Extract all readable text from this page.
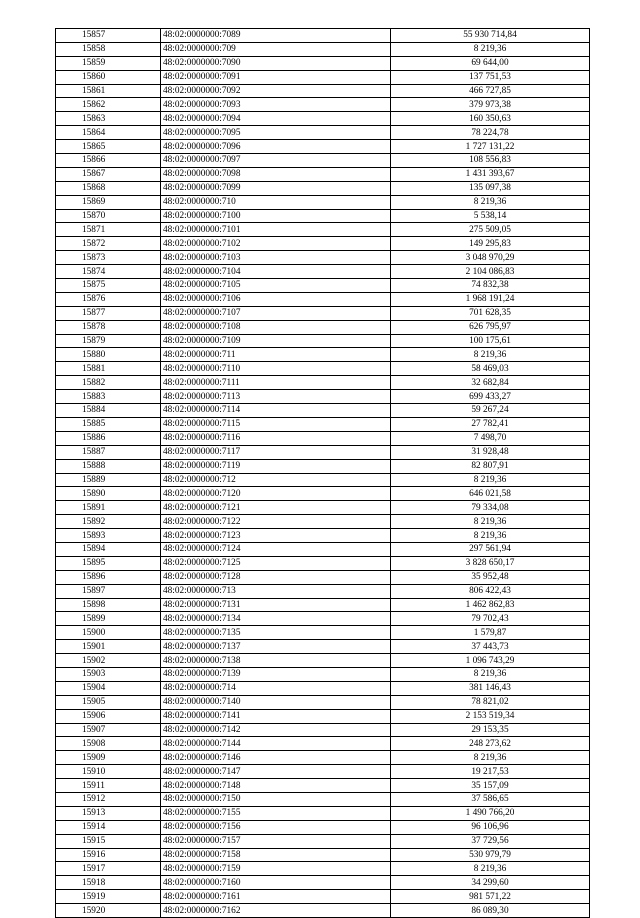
15857	48:02:0000000:7089	55 930 714,84
15858	48:02:0000000:709	8 219,36
15859	48:02:0000000:7090	69 644,00
15860	48:02:0000000:7091	137 751,53
15861	48:02:0000000:7092	466 727,85
15862	48:02:0000000:7093	379 973,38
15863	48:02:0000000:7094	160 350,63
15864	48:02:0000000:7095	78 224,78
15865	48:02:0000000:7096	1 727 131,22
15866	48:02:0000000:7097	108 556,83
15867	48:02:0000000:7098	1 431 393,67
15868	48:02:0000000:7099	135 097,38
15869	48:02:0000000:710	8 219,36
15870	48:02:0000000:7100	5 538,14
15871	48:02:0000000:7101	275 509,05
15872	48:02:0000000:7102	149 295,83
15873	48:02:0000000:7103	3 048 970,29
15874	48:02:0000000:7104	2 104 086,83
15875	48:02:0000000:7105	74 832,38
15876	48:02:0000000:7106	1 968 191,24
15877	48:02:0000000:7107	701 628,35
15878	48:02:0000000:7108	626 795,97
15879	48:02:0000000:7109	100 175,61
15880	48:02:0000000:711	8 219,36
15881	48:02:0000000:7110	58 469,03
15882	48:02:0000000:7111	32 682,84
15883	48:02:0000000:7113	699 433,27
15884	48:02:0000000:7114	59 267,24
15885	48:02:0000000:7115	27 782,41
15886	48:02:0000000:7116	7 498,70
15887	48:02:0000000:7117	31 928,48
15888	48:02:0000000:7119	82 807,91
15889	48:02:0000000:712	8 219,36
15890	48:02:0000000:7120	646 021,58
15891	48:02:0000000:7121	79 334,08
15892	48:02:0000000:7122	8 219,36
15893	48:02:0000000:7123	8 219,36
15894	48:02:0000000:7124	297 561,94
15895	48:02:0000000:7125	3 828 650,17
15896	48:02:0000000:7128	35 952,48
15897	48:02:0000000:713	806 422,43
15898	48:02:0000000:7131	1 462 862,83
15899	48:02:0000000:7134	79 702,43
15900	48:02:0000000:7135	1 579,87
15901	48:02:0000000:7137	37 443,73
15902	48:02:0000000:7138	1 096 743,29
15903	48:02:0000000:7139	8 219,36
15904	48:02:0000000:714	381 146,43
15905	48:02:0000000:7140	78 821,02
15906	48:02:0000000:7141	2 153 519,34
15907	48:02:0000000:7142	29 153,35
15908	48:02:0000000:7144	248 273,62
15909	48:02:0000000:7146	8 219,36
15910	48:02:0000000:7147	19 217,53
15911	48:02:0000000:7148	35 157,09
15912	48:02:0000000:7150	37 586,65
15913	48:02:0000000:7155	1 490 766,20
15914	48:02:0000000:7156	96 106,96
15915	48:02:0000000:7157	37 729,56
15916	48:02:0000000:7158	530 979,79
15917	48:02:0000000:7159	8 219,36
15918	48:02:0000000:7160	34 299,60
15919	48:02:0000000:7161	981 571,22
15920	48:02:0000000:7162	86 089,30
